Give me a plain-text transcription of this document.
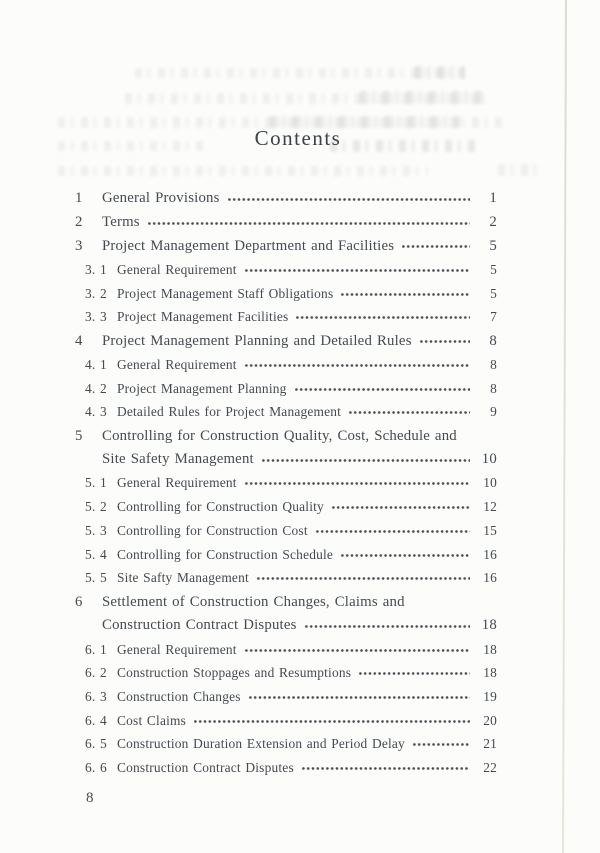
Contents
1	General Provisions	1
2	Terms	2
3	Project Management Department and Facilities	5
3. 1 General Requirement	5
3. 2 Project Management Staff Obligations	5
3. 3 Project Management Facilities	7
4	Project Management Planning and Detailed Rules	8
4. 1 General Requirement	8
4. 2 Project Management Planning	8
4. 3 Detailed Rules for Project Management	9
5	Controlling for Construction Quality, Cost, Schedule and
Site Safety Management	10
5. 1 General Requirement	10
5. 2 Controlling for Construction Quality	12
5. 3 Controlling for Construction Cost	15
5. 4 Controlling for Construction Schedule	16
5. 5 Site Safty Management	16
6	Settlement of Construction Changes, Claims and
Construction Contract Disputes	18
6. 1 General Requirement	18
6. 2 Construction Stoppages and Resumptions	18
6. 3 Construction Changes	19
6. 4 Cost Claims	20
6. 5 Construction Duration Extension and Period Delay	21
6. 6 Construction Contract Disputes	22
8
